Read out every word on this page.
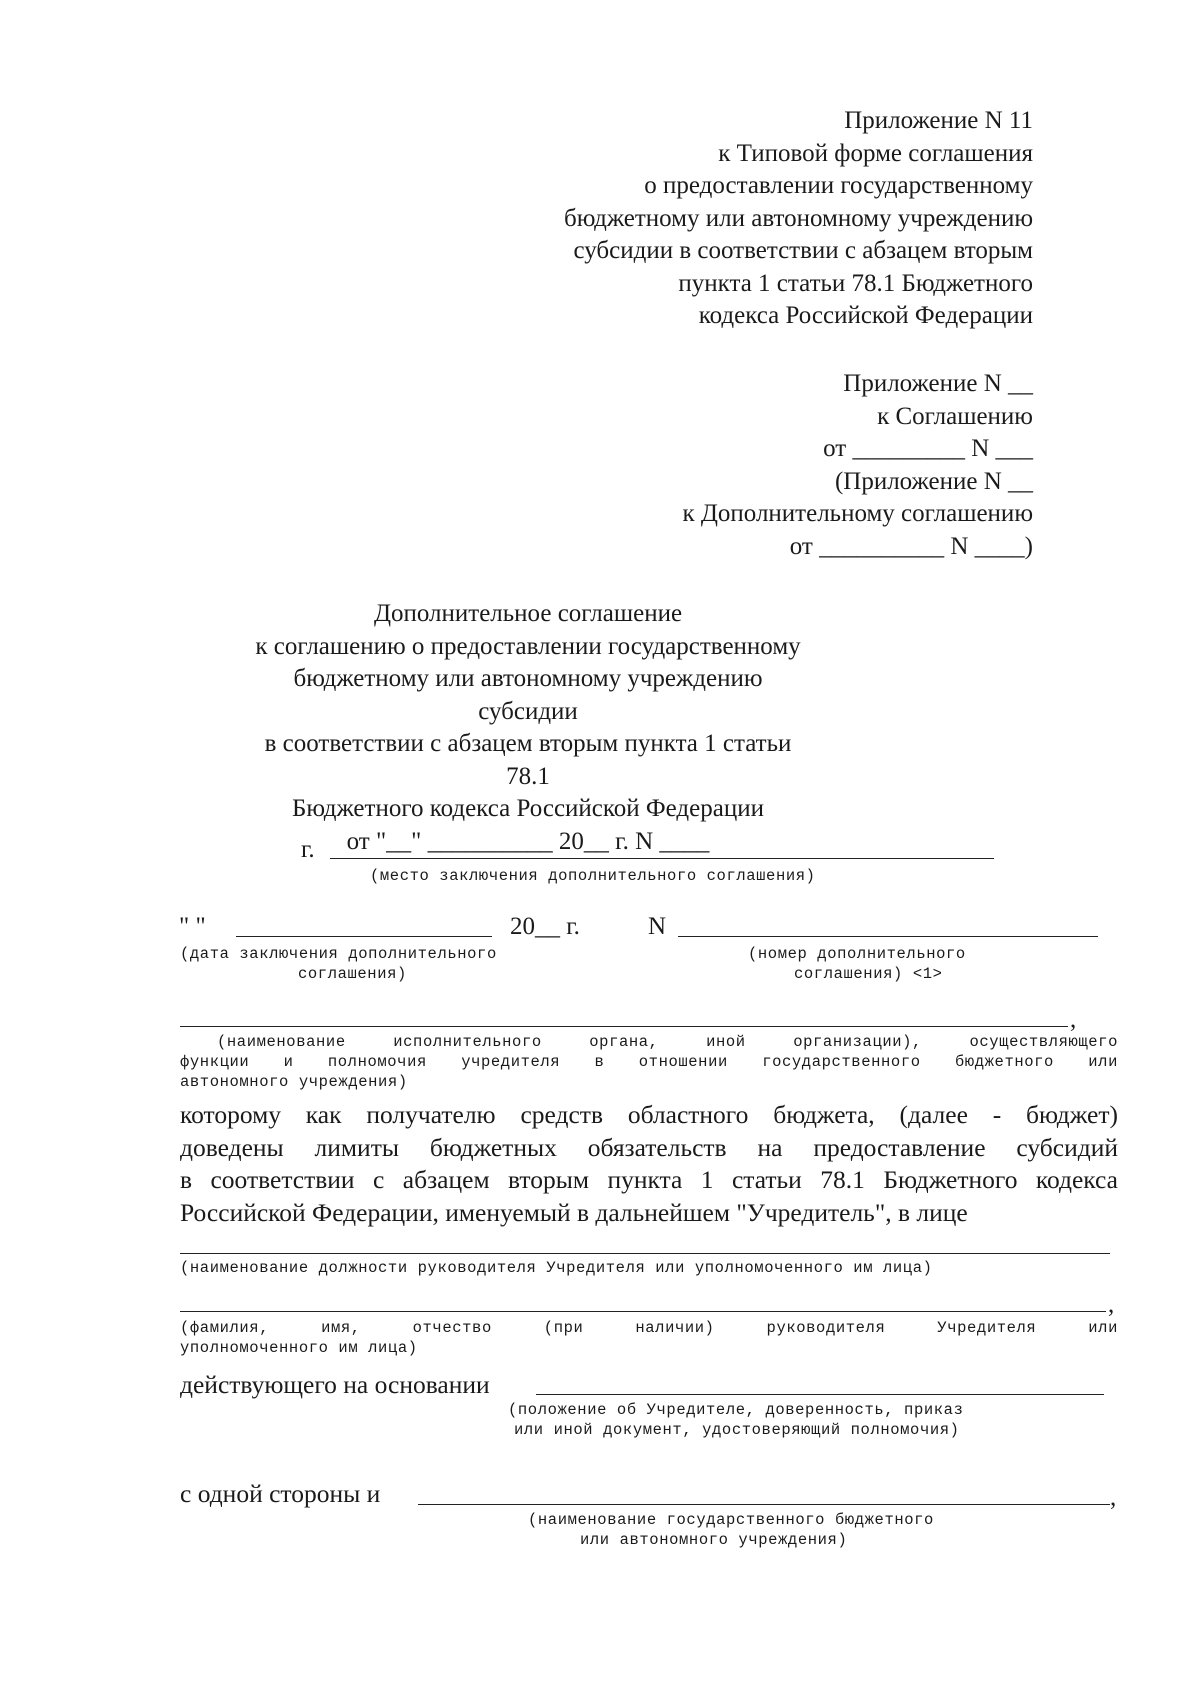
Приложение N 11
к Типовой форме соглашения
о предоставлении государственному
бюджетному или автономному учреждению
субсидии в соответствии с абзацем вторым
пункта 1 статьи 78.1 Бюджетного
кодекса Российской Федерации
Приложение N __
к Соглашению
от _________ N ___
(Приложение N __
к Дополнительному соглашению
от __________ N ____)
Дополнительное соглашение
к соглашению о предоставлении государственному
бюджетному или автономному учреждению субсидии
в соответствии с абзацем вторым пункта 1 статьи 78.1
Бюджетного кодекса Российской Федерации
от "__" __________ 20__ г. N ____
г.
(место заключения дополнительного соглашения)
" "	20__ г.	N
(дата заключения дополнительного
соглашения)
(номер дополнительного
соглашения) <1>
,
(наименование исполнительного органа, иной организации), осуществляющего
функции и полномочия учредителя в отношении государственного бюджетного или
автономного учреждения)
которому как получателю средств областного бюджета, (далее - бюджет)
доведены лимиты бюджетных обязательств на предоставление субсидий
в соответствии с абзацем вторым пункта 1 статьи 78.1 Бюджетного кодекса
Российской Федерации, именуемый в дальнейшем "Учредитель", в лице
(наименование должности руководителя Учредителя или уполномоченного им лица)
,
(фамилия, имя, отчество (при наличии) руководителя Учредителя или
уполномоченного им лица)
действующего на основании
(положение об Учредителе, доверенность, приказ
или иной документ, удостоверяющий полномочия)
с одной стороны и	,
(наименование государственного бюджетного
или автономного учреждения)
